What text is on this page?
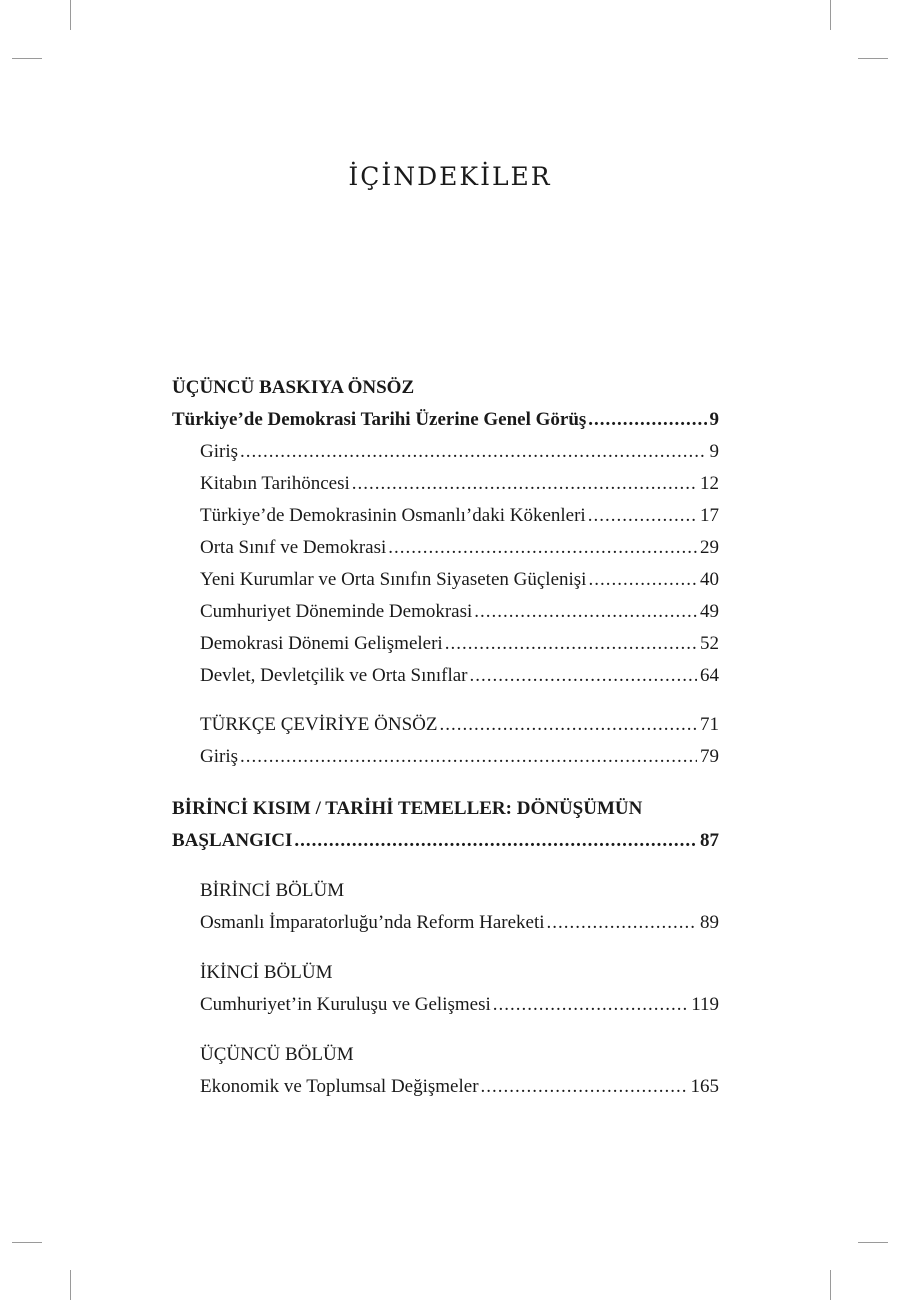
İÇİNDEKİLER
ÜÇÜNCÜ BASKIYA ÖNSÖZ
Türkiye’de Demokrasi Tarihi Üzerine Genel Görüş .....	9
Giriş .....	9
Kitabın Tarihöncesi .....	12
Türkiye’de Demokrasinin Osmanlı’daki Kökenleri .....	17
Orta Sınıf ve Demokrasi .....	29
Yeni Kurumlar ve Orta Sınıfın Siyaseten Güçlenişi .....	40
Cumhuriyet Döneminde Demokrasi .....	49
Demokrasi Dönemi Gelişmeleri .....	52
Devlet, Devletçilik ve Orta Sınıflar .....	64
TÜRKÇE ÇEVİRİYE ÖNSÖZ .....	71
Giriş .....	79
BİRİNCİ KISIM / TARİHİ TEMELLER: DÖNÜŞÜMÜN
BAŞLANGICI .....	87
BİRİNCİ BÖLÜM
Osmanlı İmparatorluğu’nda Reform Hareketi .....	89
İKİNCİ BÖLÜM
Cumhuriyet’in Kuruluşu ve Gelişmesi .....	119
ÜÇÜNCÜ BÖLÜM
Ekonomik ve Toplumsal Değişmeler .....	165
